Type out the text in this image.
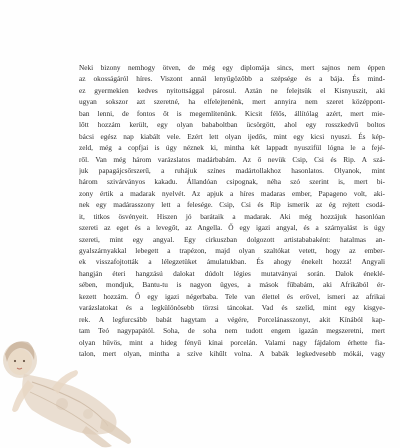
Neki bizony nemhogy ötven, de még egy diplomája sincs, mert sajnos nem éppen
az okosságáról híres. Viszont annál lenyűgözőbb a szépsége és a bája. És mind-
ez gyermekien kedves nyitottsággal párosul. Aztán ne felejtsük el Kisnyuszit, aki
ugyan sokszor azt szeretné, ha elfelejtenénk, mert annyira nem szeret középpont-
ban lenni, de fontos őt is megemlítenünk. Kicsit félős, állítólag azért, mert mie-
lőtt hozzám került, egy olyan bababoltban ücsörgött, ahol egy rosszkedvű boltos
bácsi egész nap kiabált vele. Ezért lett olyan ijedős, mint egy kicsi nyuszi. És kép-
zeld, még a copfjai is úgy néznek ki, mintha két lappadt nyuszifül lógna le a fejé-
ről. Van még három varázslatos madárbabám. Az ő nevük Csip, Csi és Rip. A szá-
juk papagájcsőrszerű, a ruhájuk színes madártollakhoz hasonlatos. Olyanok, mint
három szivárványos kakadu. Állandóan csipognak, néha szó szerint is, mert bi-
zony értik a madarak nyelvét. Az apjuk a híres madaras ember, Papageno volt, aki-
nek egy madárasszony lett a felesége. Csip, Csi és Rip ismerik az ég rejtett csodá-
it, titkos ösvényeit. Hiszen jó barátaik a madarak. Aki még hozzájuk hasonlóan
szereti az eget és a levegőt, az Angella. Ő egy igazi angyal, és a szárnyalást is úgy
szereti, mint egy angyal. Egy cirkuszban dolgozott artistababaként: hatalmas an-
gyalszárnyakkal lebegett a trapézon, majd olyan szaltókat vetett, hogy az ember-
ek visszafojtották a lélegzetüket ámulatukban. És ahogy énekelt hozzá! Angyali
hangján éteri hangzású dalokat dúdolt légies mutatványai során. Dalok éneklé-
sében, mondjuk, Bantu-tu is nagyon ügyes, a mások fűbabám, aki Afrikából ér-
kezett hozzám. Ő egy igazi négerbaba. Tele van élettel és erővel, ismeri az afrikai
varázslatokat és a legkülönösebb törzsi táncokat. Vad és szelíd, mint egy kisgye-
rek. A legfurcsább babát hagytam a végére, Porcelánasszonyt, akit Kínából kap-
tam Teó nagypapától. Soha, de soha nem tudott engem igazán megszeretni, mert
olyan hűvös, mint a hideg fényű kínai porcelán. Valami nagy fájdalom érhette fia-
talon, mert olyan, mintha a szíve kihűlt volna. A babák legkedvesebb mókái, vagy
